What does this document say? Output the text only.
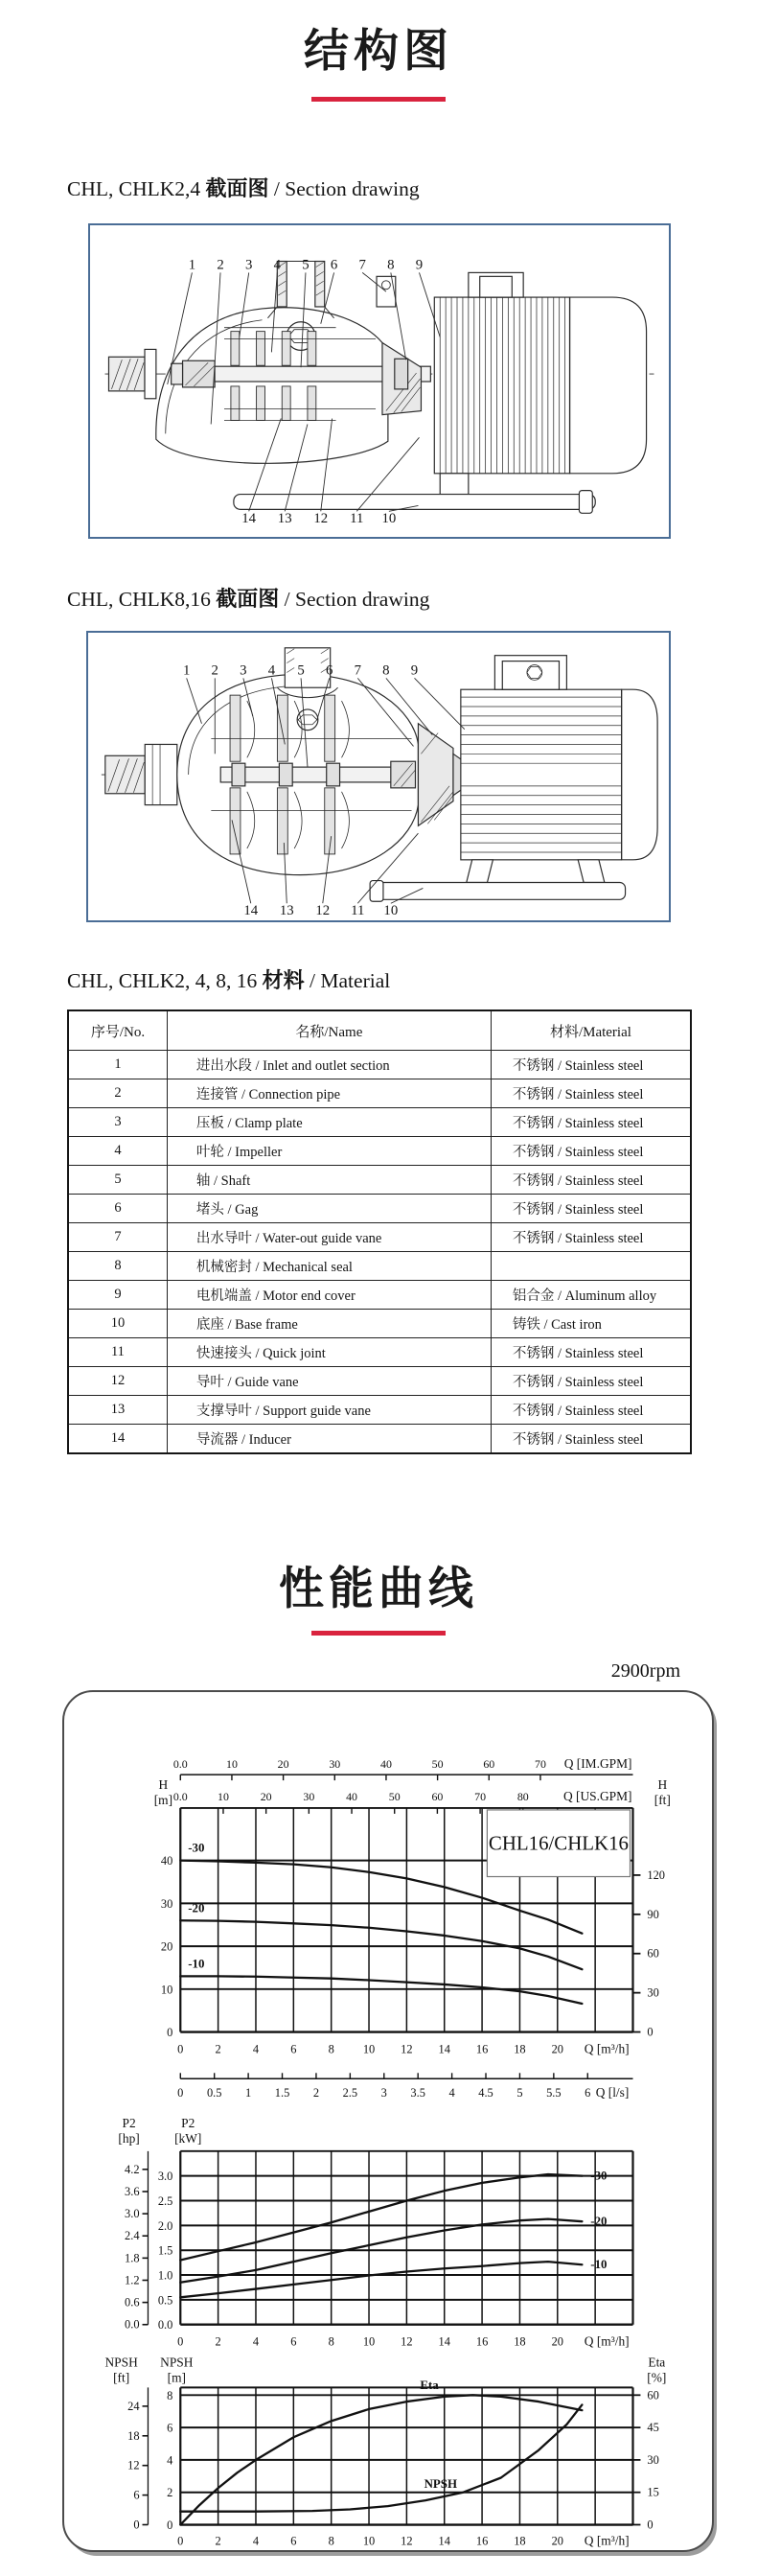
结构图
CHL, CHLK2,4 截面图 / Section drawing
1 2 3 4 5 6 7 8 9
14 13 12 11 10
CHL, CHLK8,16 截面图 / Section drawing
1 2 3 4 5 6 7 8 9
14 13 12 11 10
CHL, CHLK2, 4, 8, 16 材料 / Material
序号/No.	名称/Name	材料/Material
1	进出水段 / Inlet and outlet section	不锈钢 / Stainless steel
2	连接管 / Connection pipe	不锈钢 / Stainless steel
3	压板 / Clamp plate	不锈钢 / Stainless steel
4	叶轮 / Impeller	不锈钢 / Stainless steel
5	轴 / Shaft	不锈钢 / Stainless steel
6	堵头 / Gag	不锈钢 / Stainless steel
7	出水导叶 / Water-out guide vane	不锈钢 / Stainless steel
8	机械密封 / Mechanical seal	
9	电机端盖 / Motor end cover	铝合金 / Aluminum alloy
10	底座 / Base frame	铸铁 / Cast iron
11	快速接头 / Quick joint	不锈钢 / Stainless steel
12	导叶 / Guide vane	不锈钢 / Stainless steel
13	支撑导叶 / Support guide vane	不锈钢 / Stainless steel
14	导流器 / Inducer	不锈钢 / Stainless steel
性能曲线
2900rpm
0
10
20
30
40
H
[m]
0
30
60
90
120
H
[ft]
0.0	10	20	30	40	50	60	70 Q [IM.GPM]
0.0	10	20	30	40	50	60	70	80	Q [US.GPM]
0	2	4	6	8 10 12 14 16 18 20 Q [m³/h]
0 0.5 1 1.5 2 2.5 3 3.5 4 4.5 5 5.5 6 Q [l/s]
CHL16/CHLK16
-30
-20
-10
0.0
0.5
1.0
1.5
2.0
2.5
3.0
P2
[kW]
0.0
0.6
1.2
1.8
2.4
3.0
3.6
4.2
P2
[hp]
0	2	4	6	8 10 12 14 16 18 20 Q [m³/h]
-30
-20
-10
0
2
4
6
8
NPSH
[m]
0
6
12
18
24
NPSH
[ft]
0
15
30
45
60
Eta
[%]
0	2	4	6	8 10 12 14 16 18 20 Q [m³/h]
Eta
NPSH
